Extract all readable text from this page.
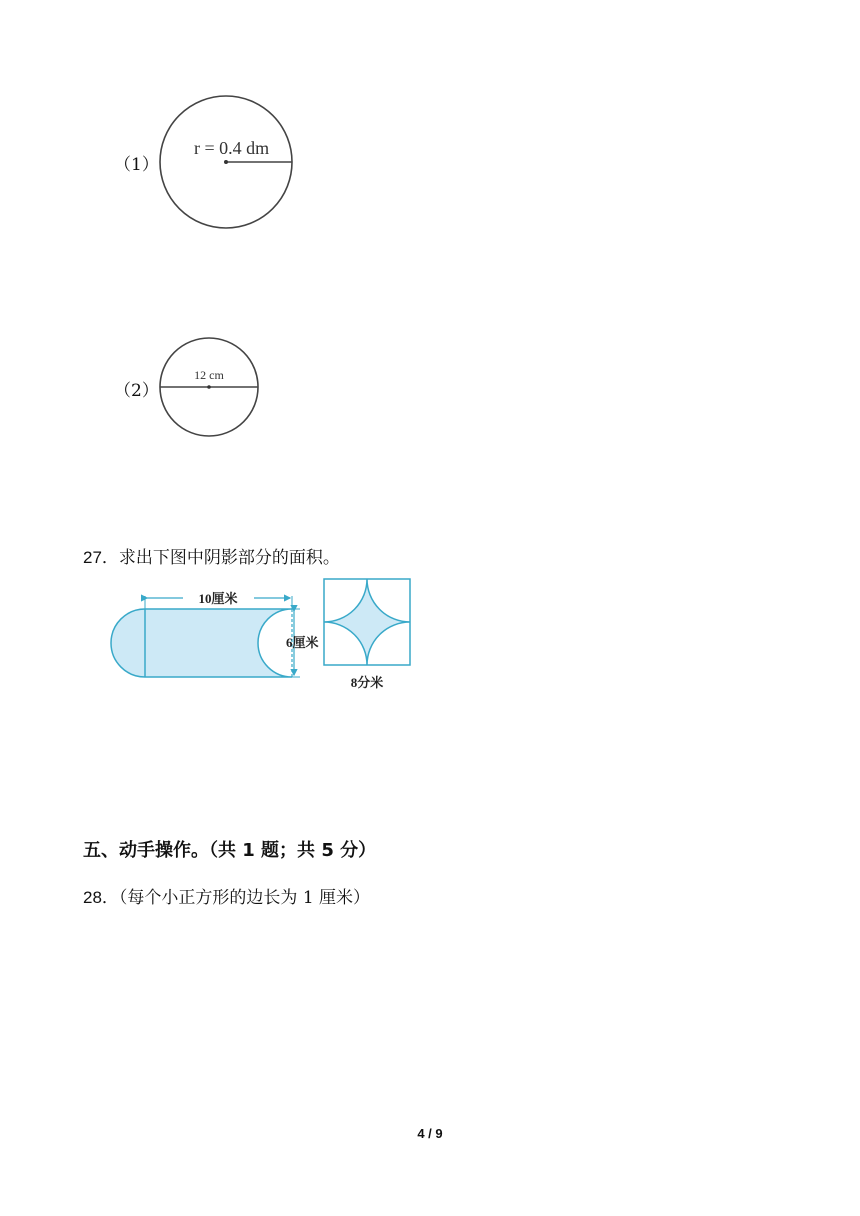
（1）
r = 0.4 dm
（2）
12 cm
27．求出下图中阴影部分的面积。
10厘米
6厘米
8分米
五、动手操作。（共 1 题；共 5 分）
28．（每个小正方形的边长为 1 厘米）
4 / 9
